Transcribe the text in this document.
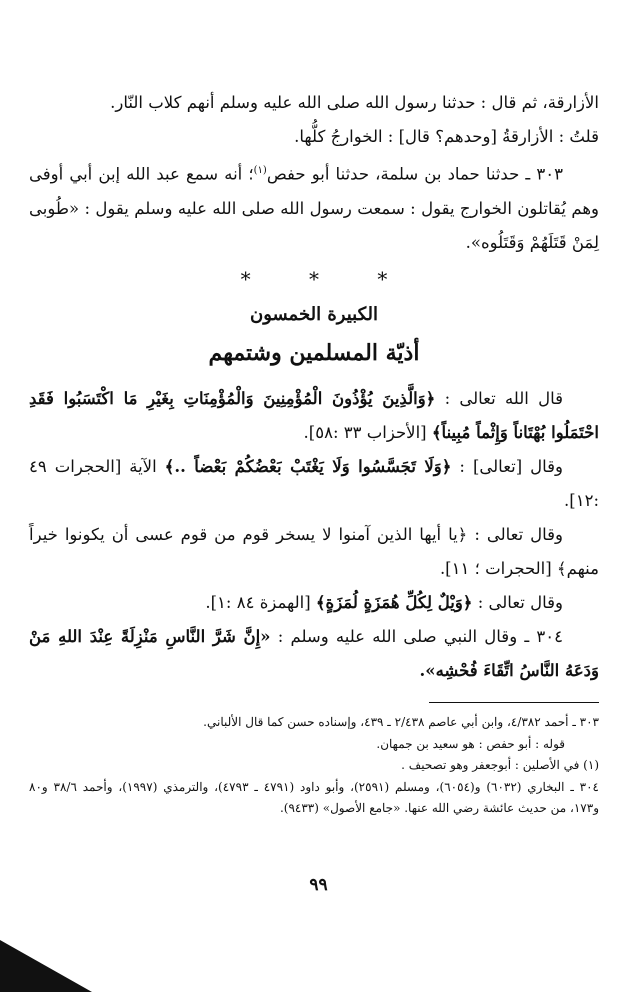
الأزارقة، ثم قال : حدثنا رسول الله صلى الله عليه وسلم أنهم كلاب النّار.
قلتُ : الأزارقةُ [وحدهم؟ قال] : الخوارجُ كلُّها.

٣٠٣ ـ حدثنا حماد بن سلمة، حدثنا أبو حفص$^{(١)}$؛ أنه سمع عبد الله إبن أبي أوفى وهم يُقاتلون الخوارج يقول : سمعت رسول الله صلى الله عليه وسلم يقول : «طُوبى لِمَنْ قَتَلَهُمْ وَقَتَلُوه».

* * *
الكبيرة الخمسون
أذيّة المسلمين وشتمهم

قال الله تعالى : ﴿وَالَّذِينَ يُؤْذُونَ الْمُؤْمِنِينَ وَالْمُؤْمِنَاتِ بِغَيْرِ مَا اكْتَسَبُوا فَقَدِ احْتَمَلُوا بُهْتَاناً وَإِثْماً مُبِيناً﴾ [الأحزاب ٣٣ :٥٨].

وقال [تعالى] : ﴿وَلَا تَجَسَّسُوا وَلَا يَغْتَبْ بَعْضُكُمْ بَعْضاً ..﴾ الآية [الحجرات ٤٩ :١٢].

وقال تعالى : ﴿يا أيها الذين آمنوا لا يسخر قوم من قوم عسى أن يكونوا خيراً منهم﴾ [الحجرات ؛ ١١].

وقال تعالى : ﴿وَيْلٌ لِكُلِّ هُمَزَةٍ لُمَزَةٍ﴾ [الهمزة ٨٤ :١].

٣٠٤ ـ وقال النبي صلى الله عليه وسلم : «إِنَّ شَرَّ النَّاسِ مَنْزِلَةً عِنْدَ اللهِ مَنْ وَدَعَهُ النَّاسُ اتِّقَاءَ فُحْشِه».

٣٠٣ ـ أحمد ٤/٣٨٢، وابن أبي عاصم ٢/٤٣٨ ـ ٤٣٩، وإسناده حسن كما قال الألباني.

قوله : أبو حفص : هو سعيد بن جمهان.

(١) في الأصلين : أبوجعفر وهو تصحيف .

٣٠٤ ـ البخاري (٦٠٣٢) و(٦٠٥٤)، ومسلم (٢٥٩١)، وأبو داود (٤٧٩١ ـ ٤٧٩٣)، والترمذي (١٩٩٧)، وأحمد ٣٨/٦ و٨٠ و١٧٣، من حديث عائشة رضي الله عنها. «جامع الأصول» (٩٤٣٣).

٩٩
